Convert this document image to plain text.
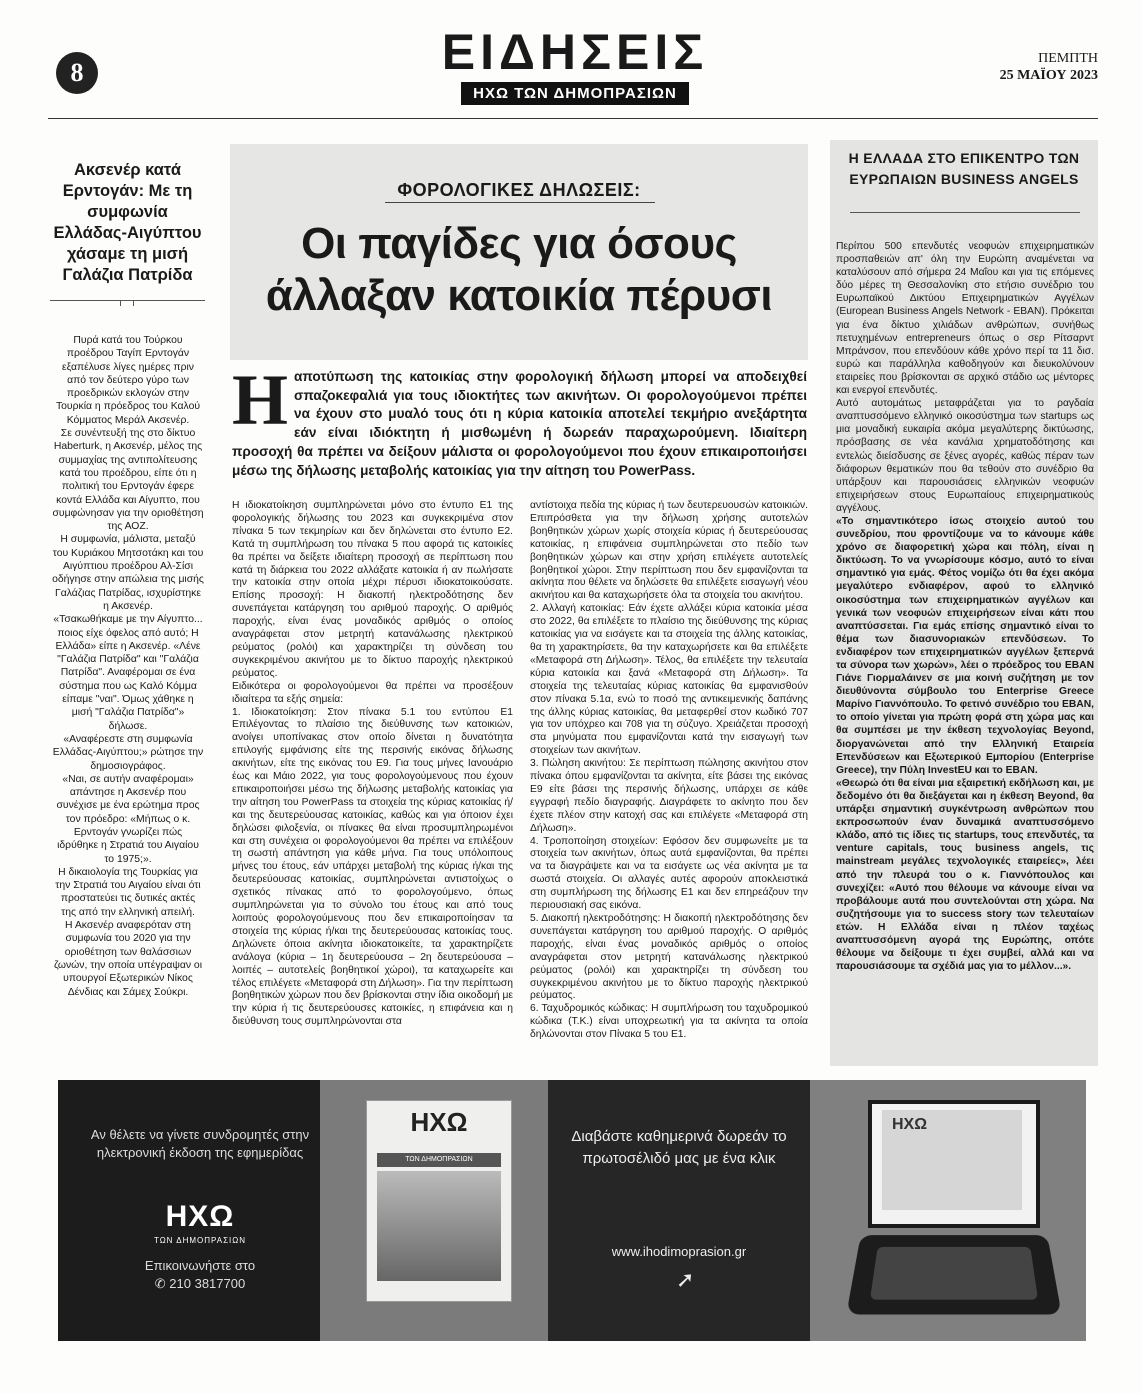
8	ΕΙΔΗΣΕΙΣ
ΗΧΩ ΤΩΝ ΔΗΜΟΠΡΑΣΙΩΝ
ΠΕΜΠΤΗ
25 ΜΑΪΟΥ 2023
Ακσενέρ κατά Ερντογάν: Με τη συμφωνία Ελλάδας-Αιγύπτου χάσαμε τη μισή Γαλάζια Πατρίδα

Πυρά κατά του Τούρκου προέδρου Ταγίπ Ερντογάν εξαπέλυσε λίγες ημέρες πριν από τον δεύτερο γύρο των προεδρικών εκλογών στην Τουρκία η πρόεδρος του Καλού Κόμματος Μεράλ Ακσενέρ.

Σε συνέντευξή της στο δίκτυο Haberturk, η Ακσενέρ, μέλος της συμμαχίας της αντιπολίτευσης κατά του προέδρου, είπε ότι η πολιτική του Ερντογάν έφερε κοντά Ελλάδα και Αίγυπτο, που συμφώνησαν για την οριοθέτηση της ΑΟΖ.

Η συμφωνία, μάλιστα, μεταξύ του Κυριάκου Μητσοτάκη και του Αιγύπτιου προέδρου Αλ-Σίσι οδήγησε στην απώλεια της μισής Γαλάζιας Πατρίδας, ισχυρίστηκε η Ακσενέρ.

«Τσακωθήκαμε με την Αίγυπτο... ποιος είχε όφελος από αυτό; Η Ελλάδα» είπε η Ακσενέρ. «Λένε "Γαλάζια Πατρίδα" και "Γαλάζια Πατρίδα". Αναφέρομαι σε ένα σύστημα που ως Καλό Κόμμα είπαμε "ναι". Όμως χάθηκε η μισή "Γαλάζια Πατρίδα"» δήλωσε.

«Αναφέρεστε στη συμφωνία Ελλάδας-Αιγύπτου;» ρώτησε την δημοσιογράφος.

«Ναι, σε αυτήν αναφέρομαι» απάντησε η Ακσενέρ που συνέχισε με ένα ερώτημα προς τον πρόεδρο: «Μήπως ο κ. Ερντογάν γνωρίζει πώς ιδρύθηκε η Στρατιά του Αιγαίου το 1975;».

Η δικαιολογία της Τουρκίας για την Στρατιά του Αιγαίου είναι ότι προστατεύει τις δυτικές ακτές της από την ελληνική απειλή.

Η Ακσενέρ αναφερόταν στη συμφωνία του 2020 για την οριοθέτηση των θαλάσσιων ζωνών, την οποία υπέγραψαν οι υπουργοί Εξωτερικών Νίκος Δένδιας και Σάμεχ Σούκρι.

ΦΟΡΟΛΟΓΙΚΕΣ ΔΗΛΩΣΕΙΣ:
Οι παγίδες για όσους άλλαξαν κατοικία πέρυσι
Η αποτύπωση της κατοικίας στην φορολογική δήλωση μπορεί να αποδειχθεί σπαζοκεφαλιά για τους ιδιοκτήτες των ακινήτων. Οι φορολογούμενοι πρέπει να έχουν στο μυαλό τους ότι η κύρια κατοικία αποτελεί τεκμήριο ανεξάρτητα εάν είναι ιδιόκτητη ή μισθωμένη ή δωρεάν παραχωρούμενη. Ιδιαίτερη προσοχή θα πρέπει να δείξουν μάλιστα οι φορολογούμενοι που έχουν επικαιροποιήσει μέσω της δήλωσης μεταβολής κατοικίας για την αίτηση του PowerPass.

Η ιδιοκατοίκηση συμπληρώνεται μόνο στο έντυπο Ε1 της φορολογικής δήλωσης του 2023 και συγκεκριμένα στον πίνακα 5 των τεκμηρίων και δεν δηλώνεται στο έντυπο Ε2. Κατά τη συμπλήρωση του πίνακα 5 που αφορά τις κατοικίες θα πρέπει να δείξετε ιδιαίτερη προσοχή σε περίπτωση που κατά τη διάρκεια του 2022 αλλάξατε κατοικία ή αν πωλήσατε την κατοικία στην οποία μέχρι πέρυσι ιδιοκατοικούσατε. Επίσης προσοχή: Η διακοπή ηλεκτροδότησης δεν συνεπάγεται κατάργηση του αριθμού παροχής. Ο αριθμός παροχής, είναι ένας μοναδικός αριθμός ο οποίος αναγράφεται στον μετρητή κατανάλωσης ηλεκτρικού ρεύματος (ρολόι) και χαρακτηρίζει τη σύνδεση του συγκεκριμένου ακινήτου με το δίκτυο παροχής ηλεκτρικού ρεύματος.

Ειδικότερα οι φορολογούμενοι θα πρέπει να προσέξουν ιδιαίτερα τα εξής σημεία:

1. Ιδιοκατοίκηση: Στον πίνακα 5.1 του εντύπου Ε1 Επιλέγοντας το πλαίσιο της διεύθυνσης των κατοικιών, ανοίγει υποπίνακας στον οποίο δίνεται η δυνατότητα επιλογής εμφάνισης είτε της περσινής εικόνας δήλωσης ακινήτων, είτε της εικόνας του Ε9. Για τους μήνες Ιανουάριο έως και Μάιο 2022, για τους φορολογούμενους που έχουν επικαιροποιήσει μέσω της δήλωσης μεταβολής κατοικίας για την αίτηση του PowerPass τα στοιχεία της κύριας κατοικίας ή/και της δευτερεύουσας κατοικίας, καθώς και για όποιον έχει δηλώσει φιλοξενία, οι πίνακες θα είναι προσυμπληρωμένοι και στη συνέχεια οι φορολογούμενοι θα πρέπει να επιλέξουν τη σωστή απάντηση για κάθε μήνα. Για τους υπόλοιπους μήνες του έτους, εάν υπάρχει μεταβολή της κύριας ή/και της δευτερεύουσας κατοικίας, συμπληρώνεται αντιστοίχως ο σχετικός πίνακας από το φορολογούμενο, όπως συμπληρώνεται για το σύνολο του έτους και από τους λοιπούς φορολογούμενους που δεν επικαιροποίησαν τα στοιχεία της κύριας ή/και της δευτερεύουσας κατοικίας τους. Δηλώνετε όποια ακίνητα ιδιοκατοικείτε, τα χαρακτηρίζετε ανάλογα (κύρια – 1η δευτερεύουσα – 2η δευτερεύουσα – λοιπές – αυτοτελείς βοηθητικοί χώροι), τα καταχωρείτε και τέλος επιλέγετε «Μεταφορά στη Δήλωση». Για την περίπτωση βοηθητικών χώρων που δεν βρίσκονται στην ίδια οικοδομή με την κύρια ή τις δευτερεύουσες κατοικίες, η επιφάνεια και η διεύθυνση τους συμπληρώνονται στα

αντίστοιχα πεδία της κύριας ή των δευτερευουσών κατοικιών. Επιπρόσθετα για την δήλωση χρήσης αυτοτελών βοηθητικών χώρων χωρίς στοιχεία κύριας ή δευτερεύουσας κατοικίας, η επιφάνεια συμπληρώνεται στο πεδίο των βοηθητικών χώρων και στην χρήση επιλέγετε αυτοτελείς βοηθητικοί χώροι. Στην περίπτωση που δεν εμφανίζονται τα ακίνητα που θέλετε να δηλώσετε θα επιλέξετε εισαγωγή νέου ακινήτου και θα καταχωρήσετε όλα τα στοιχεία του ακινήτου.

2. Αλλαγή κατοικίας: Εάν έχετε αλλάξει κύρια κατοικία μέσα στο 2022, θα επιλέξετε το πλαίσιο της διεύθυνσης της κύριας κατοικίας για να εισάγετε και τα στοιχεία της άλλης κατοικίας, θα τη χαρακτηρίσετε, θα την καταχωρήσετε και θα επιλέξετε «Μεταφορά στη Δήλωση». Τέλος, θα επιλέξετε την τελευταία κύρια κατοικία και ξανά «Μεταφορά στη Δήλωση». Τα στοιχεία της τελευταίας κύριας κατοικίας θα εμφανισθούν στον πίνακα 5.1α, ενώ το ποσό της αντικειμενικής δαπάνης της άλλης κύριας κατοικίας, θα μεταφερθεί στον κωδικό 707 για τον υπόχρεο και 708 για τη σύζυγο. Χρειάζεται προσοχή στα μηνύματα που εμφανίζονται κατά την εισαγωγή των στοιχείων των ακινήτων.

3. Πώληση ακινήτου: Σε περίπτωση πώλησης ακινήτου στον πίνακα όπου εμφανίζονται τα ακίνητα, είτε βάσει της εικόνας Ε9 είτε βάσει της περσινής δήλωσης, υπάρχει σε κάθε εγγραφή πεδίο διαγραφής. Διαγράφετε το ακίνητο που δεν έχετε πλέον στην κατοχή σας και επιλέγετε «Μεταφορά στη Δήλωση».

4. Τροποποίηση στοιχείων: Εφόσον δεν συμφωνείτε με τα στοιχεία των ακινήτων, όπως αυτά εμφανίζονται, θα πρέπει να τα διαγράψετε και να τα εισάγετε ως νέα ακίνητα με τα σωστά στοιχεία. Οι αλλαγές αυτές αφορούν αποκλειστικά στη συμπλήρωση της δήλωσης Ε1 και δεν επηρεάζουν την περιουσιακή σας εικόνα.

5. Διακοπή ηλεκτροδότησης: Η διακοπή ηλεκτροδότησης δεν συνεπάγεται κατάργηση του αριθμού παροχής. Ο αριθμός παροχής, είναι ένας μοναδικός αριθμός ο οποίος αναγράφεται στον μετρητή κατανάλωσης ηλεκτρικού ρεύματος (ρολόι) και χαρακτηρίζει τη σύνδεση του συγκεκριμένου ακινήτου με το δίκτυο παροχής ηλεκτρικού ρεύματος.

6. Ταχυδρομικός κώδικας: Η συμπλήρωση του ταχυδρομικού κώδικα (Τ.Κ.) είναι υποχρεωτική για τα ακίνητα τα οποία δηλώνονται στον Πίνακα 5 του Ε1.

Η ΕΛΛΑΔΑ ΣΤΟ ΕΠΙΚΕΝΤΡΟ ΤΩΝ ΕΥΡΩΠΑΙΩΝ BUSINESS ANGELS

Περίπου 500 επενδυτές νεοφυών επιχειρηματικών προσπαθειών απ' όλη την Ευρώπη αναμένεται να καταλύσουν από σήμερα 24 Μαΐου και για τις επόμενες δύο μέρες τη Θεσσαλονίκη στο ετήσιο συνέδριο του Ευρωπαϊκού Δικτύου Επιχειρηματικών Αγγέλων (European Business Angels Network - EBAN). Πρόκειται για ένα δίκτυο χιλιάδων ανθρώπων, συνήθως πετυχημένων entrepreneurs όπως ο σερ Ρίτσαρντ Μπράνσον, που επενδύουν κάθε χρόνο περί τα 11 δισ. ευρώ και παράλληλα καθοδηγούν και διευκολύνουν εταιρείες που βρίσκονται σε αρχικό στάδιο ως μέντορες και ενεργοί επενδυτές.

Αυτό αυτομάτως μεταφράζεται για το ραγδαία αναπτυσσόμενο ελληνικό οικοσύστημα των startups ως μια μοναδική ευκαιρία ακόμα μεγαλύτερης δικτύωσης, πρόσβασης σε νέα κανάλια χρηματοδότησης και εντελώς διείσδυσης σε ξένες αγορές, καθώς πέραν των διάφορων θεματικών που θα τεθούν στο συνέδριο θα υπάρξουν και παρουσιάσεις ελληνικών νεοφυών επιχειρήσεων στους Ευρωπαίους επιχειρηματικούς αγγέλους.

«Το σημαντικότερο ίσως στοιχείο αυτού του συνεδρίου, που φροντίζουμε να το κάνουμε κάθε χρόνο σε διαφορετική χώρα και πόλη, είναι η δικτύωση. Το να γνωρίσουμε κόσμο, αυτό το είναι σημαντικό για εμάς. Φέτος νομίζω ότι θα έχει ακόμα μεγαλύτερο ενδιαφέρον, αφού το ελληνικό οικοσύστημα των επιχειρηματικών αγγέλων και γενικά των νεοφυών επιχειρήσεων είναι κάτι που αναπτύσσεται. Για εμάς επίσης σημαντικό είναι το θέμα των διασυνοριακών επενδύσεων. Το ενδιαφέρον των επιχειρηματικών αγγέλων ξεπερνά τα σύνορα των χωρών», λέει ο πρόεδρος του EBAN Γιάνε Γιορμαλάινεν σε μια κοινή συζήτηση με τον διευθύνοντα σύμβουλο του Enterprise Greece Μαρίνο Γιαννόπουλο. Το φετινό συνέδριο του EBAN, το οποίο γίνεται για πρώτη φορά στη χώρα μας και θα συμπέσει με την έκθεση τεχνολογίας Beyond, διοργανώνεται από την Ελληνική Εταιρεία Επενδύσεων και Εξωτερικού Εμπορίου (Enterprise Greece), την Πύλη InvestEU και το EBAN.

«Θεωρώ ότι θα είναι μια εξαιρετική εκδήλωση και, με δεδομένο ότι θα διεξάγεται και η έκθεση Beyond, θα υπάρξει σημαντική συγκέντρωση ανθρώπων που εκπροσωπούν έναν δυναμικά αναπτυσσόμενο κλάδο, από τις ίδιες τις startups, τους επενδυτές, τα venture capitals, τους business angels, τις mainstream μεγάλες τεχνολογικές εταιρείες», λέει από την πλευρά του ο κ. Γιαννόπουλος και συνεχίζει: «Αυτό που θέλουμε να κάνουμε είναι να προβάλουμε αυτά που συντελούνται στη χώρα. Να συζητήσουμε για το success story των τελευταίων ετών. Η Ελλάδα είναι η πλέον ταχέως αναπτυσσόμενη αγορά της Ευρώπης, οπότε θέλουμε να δείξουμε τι έχει συμβεί, αλλά και να παρουσιάσουμε τα σχέδιά μας για το μέλλον...».

Αν θέλετε να γίνετε συνδρομητές στην ηλεκτρονική έκδοση της εφημερίδας
ΗΧΩ
ΤΩΝ ΔΗΜΟΠΡΑΣΙΩΝ
Επικοινωνήστε στο
✆ 210 3817700
ΗΧΩ
ΤΩΝ ΔΗΜΟΠΡΑΣΙΩΝ
Διαβάστε καθημερινά δωρεάν το πρωτοσέλιδό μας με ένα κλικ
www.ihodimoprasion.gr
➚
ΗΧΩ
